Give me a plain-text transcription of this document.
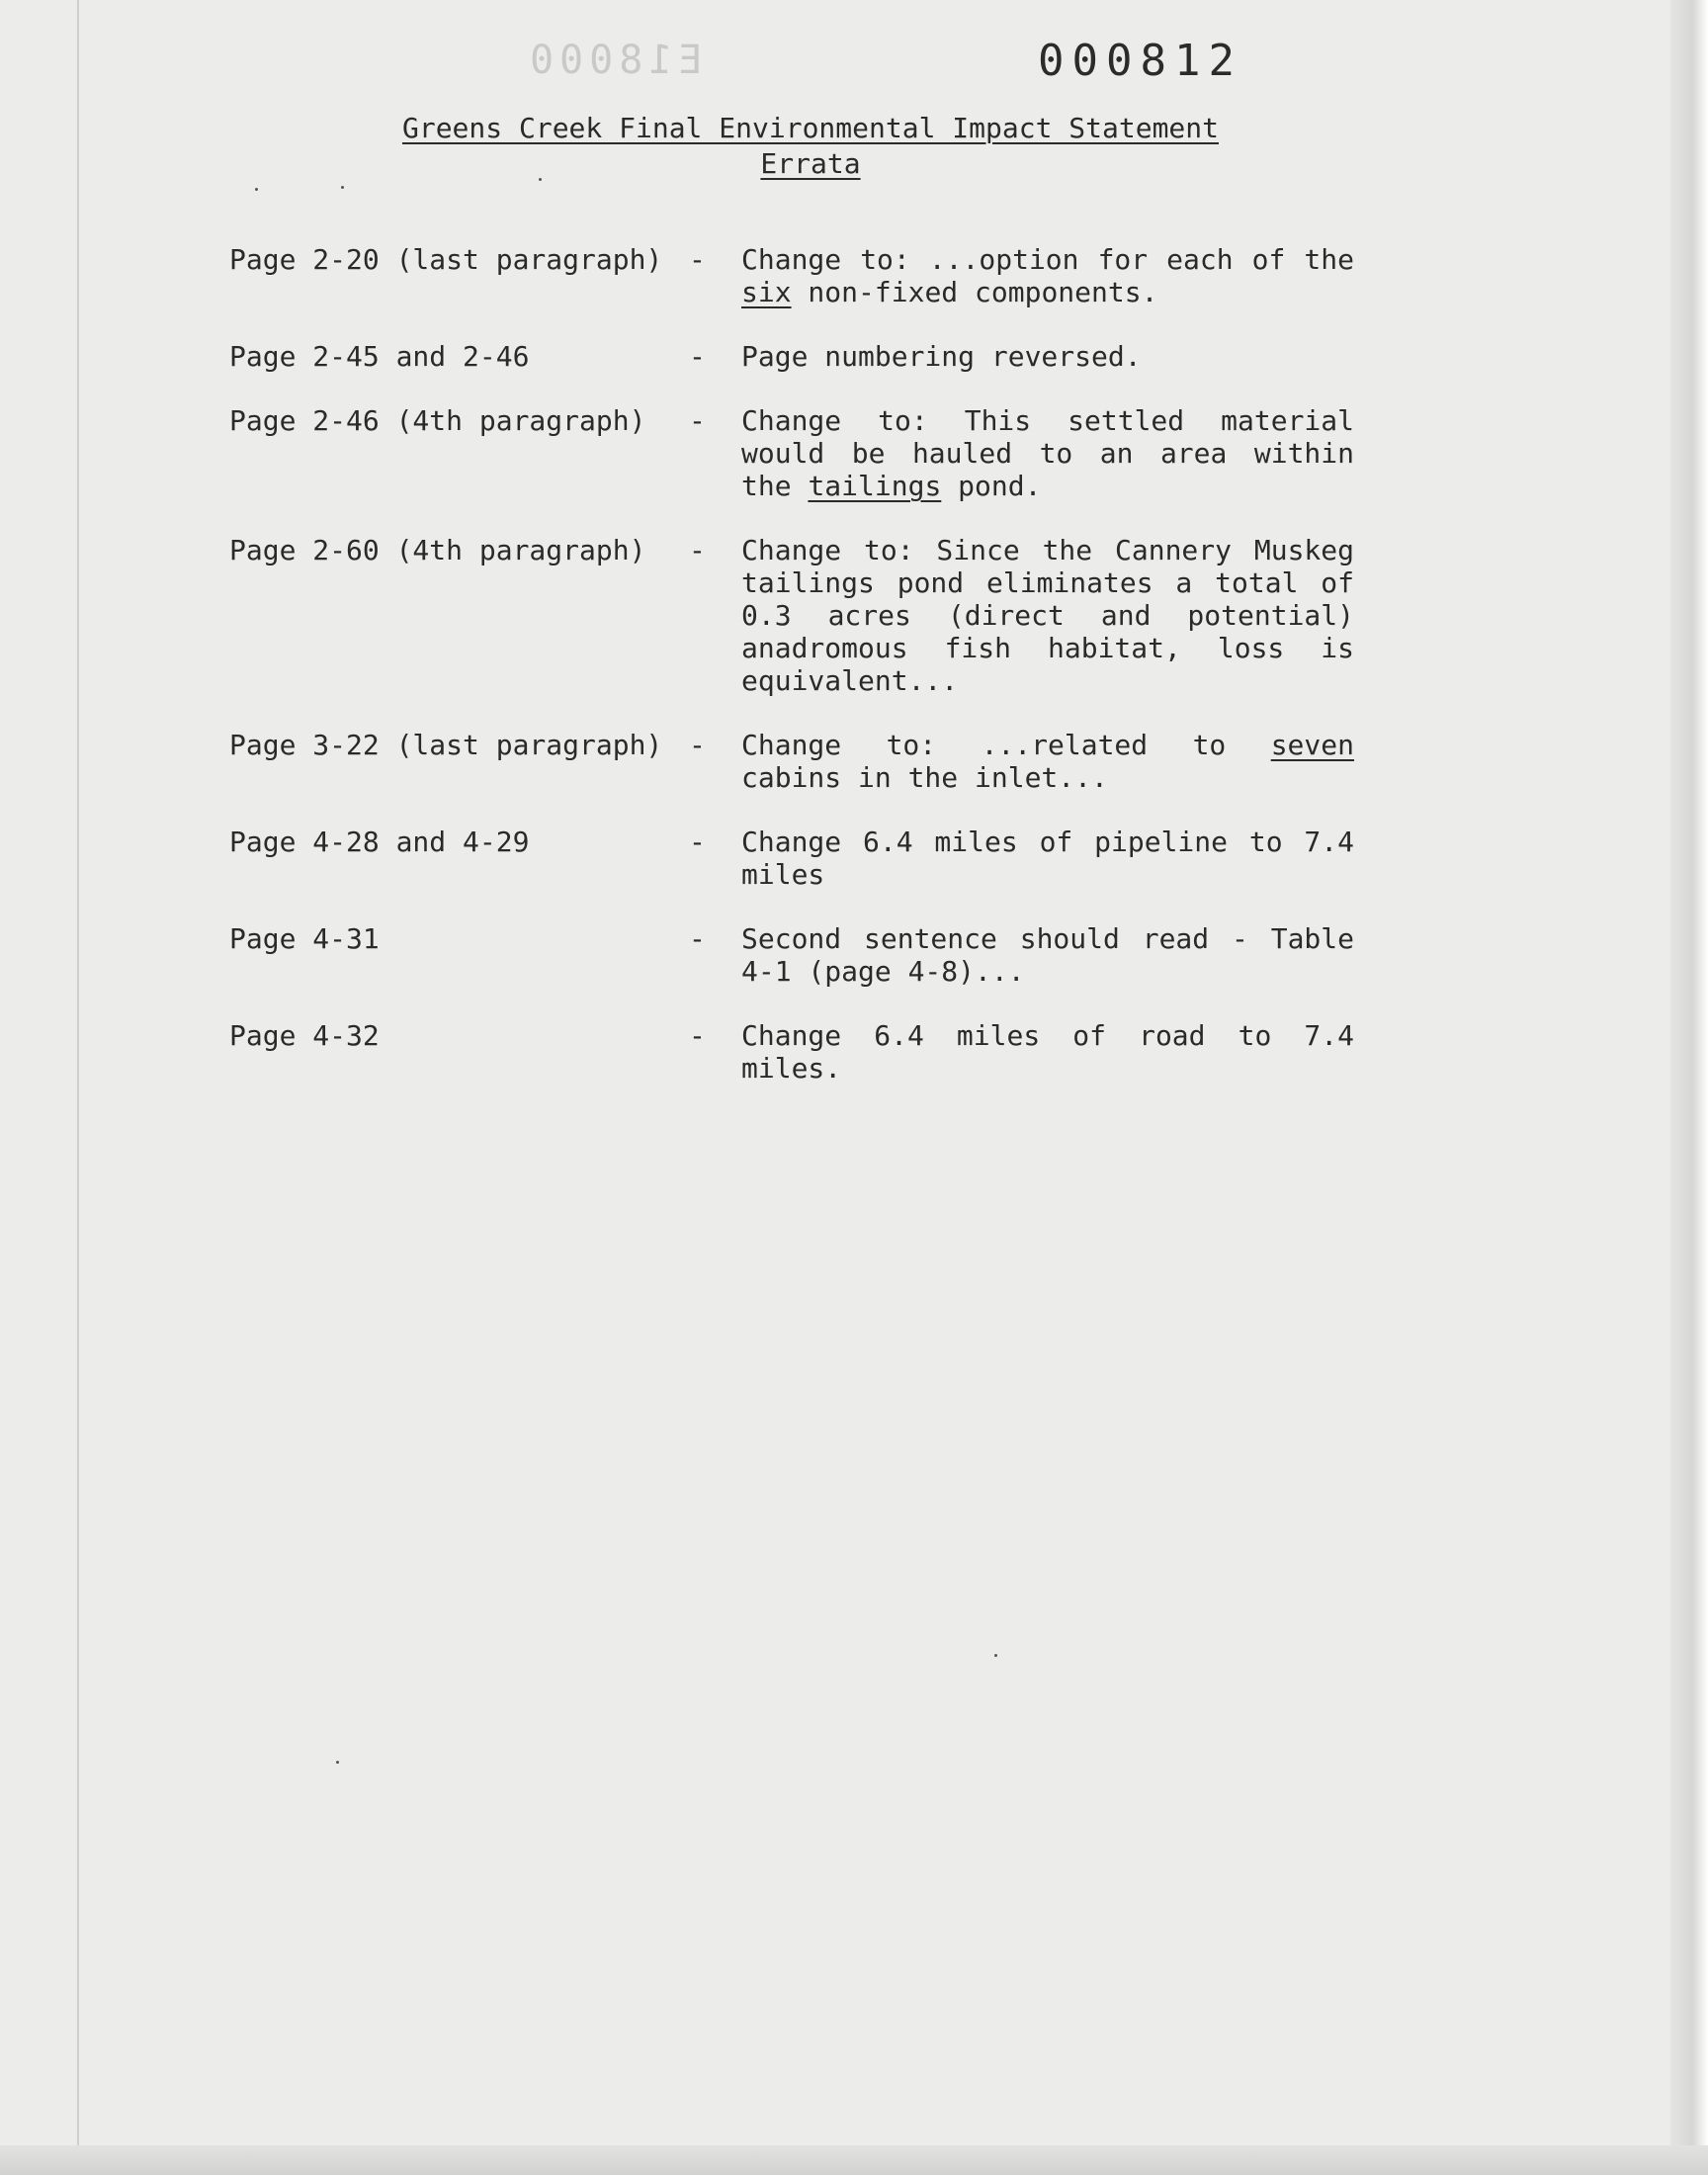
E18000	000812
Greens Creek Final Environmental Impact Statement
Errata
Page 2-20 (last paragraph) -	Change to: ...option for each of the six non-fixed components.
Page 2-45 and 2-46	-	Page numbering reversed.
Page 2-46 (4th paragraph)	-	Change to: This settled material would be hauled to an area within the tailings pond.
Page 2-60 (4th paragraph)	-	Change to: Since the Cannery Muskeg tailings pond eliminates a total of 0.3 acres (direct and potential) anadromous fish habitat, loss is equivalent...
Page 3-22 (last paragraph) -	Change to: ...related to seven cabins in the inlet...
Page 4-28 and 4-29	-	Change 6.4 miles of pipeline to 7.4 miles
Page 4-31	-	Second sentence should read - Table 4-1 (page 4-8)...
Page 4-32	-	Change 6.4 miles of road to 7.4 miles.
